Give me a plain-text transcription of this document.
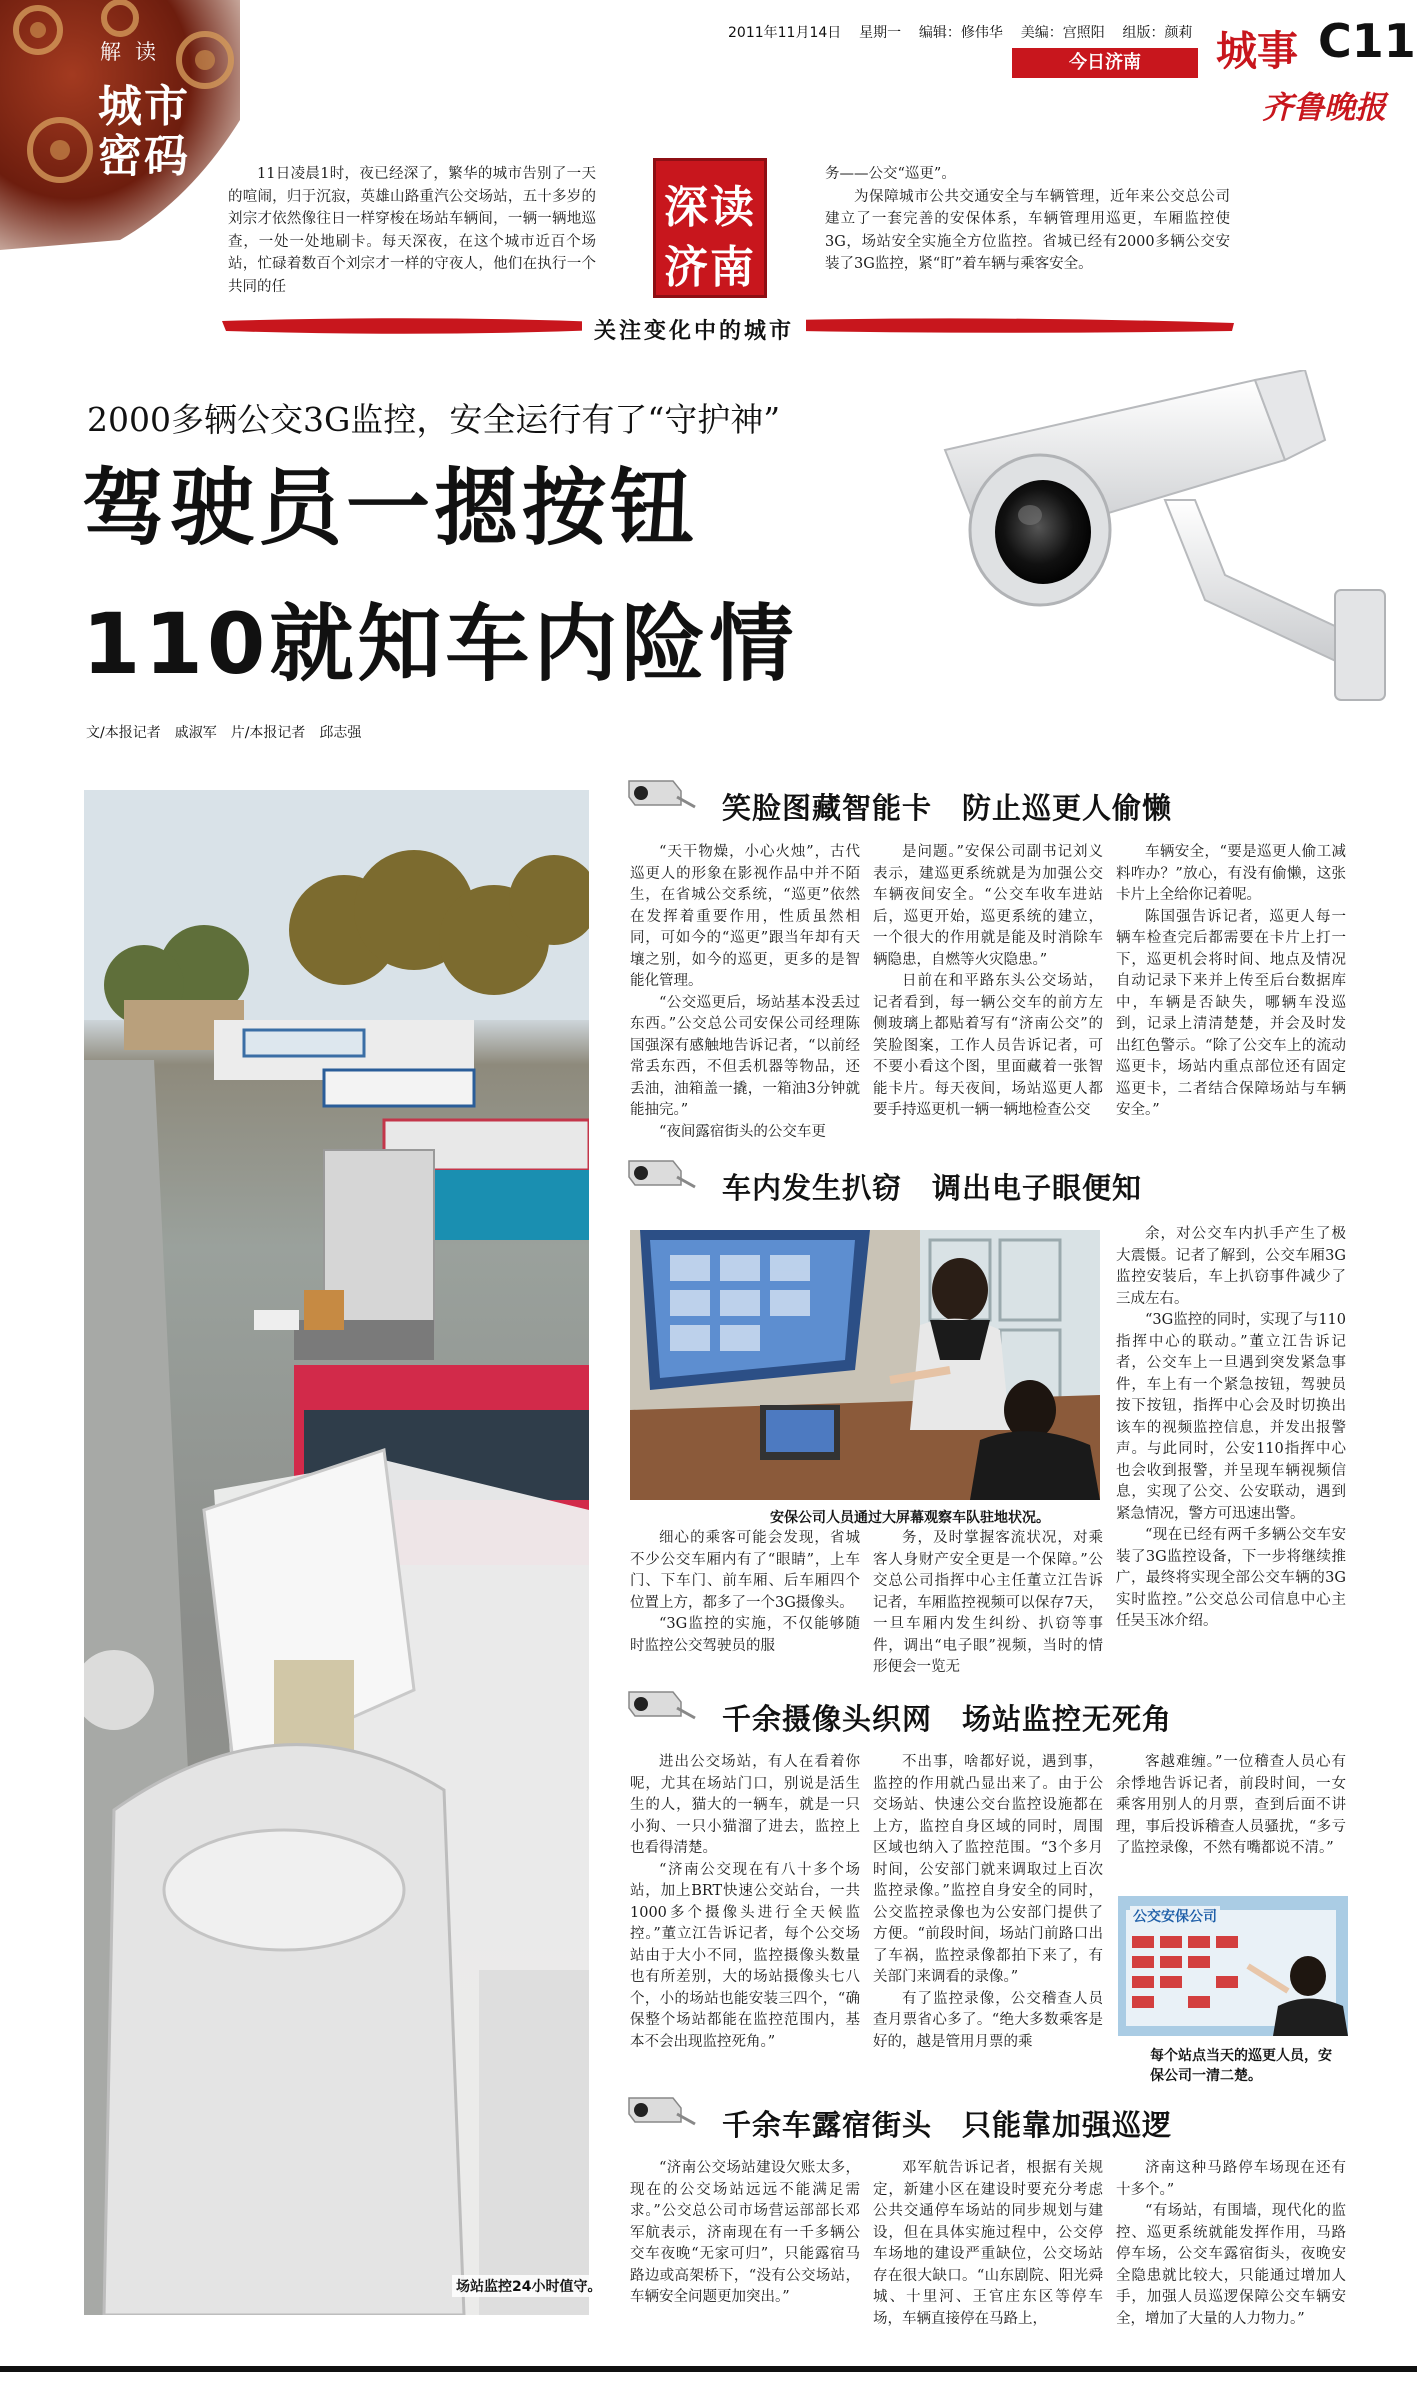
解读
城市
密码
2011年11月14日 星期一 编辑：修伟华 美编：宫照阳 组版：颜莉
今日济南	城事 C11
齐鲁晚报
11日凌晨1时，夜已经深了，繁华的城市告别了一天的喧闹，归于沉寂，英雄山路重汽公交场站，五十多岁的刘宗才依然像往日一样穿梭在场站车辆间，一辆一辆地巡查，一处一处地刷卡。每天深夜，在这个城市近百个场站，忙碌着数百个刘宗才一样的守夜人，他们在执行一个共同的任
深读
济南

务——公交“巡更”。

为保障城市公共交通安全与车辆管理，近年来公交总公司建立了一套完善的安保体系，车辆管理用巡更，车厢监控使3G，场站安全实施全方位监控。省城已经有2000多辆公交安装了3G监控，紧“盯”着车辆与乘客安全。

关注变化中的城市
2000多辆公交3G监控，安全运行有了“守护神”
驾驶员一摁按钮
110就知车内险情
文/本报记者　戚淑军　片/本报记者　邱志强
场站监控24小时值守。
笑脸图藏智能卡　防止巡更人偷懒

“天干物燥，小心火烛”，古代巡更人的形象在影视作品中并不陌生，在省城公交系统，“巡更”依然在发挥着重要作用，性质虽然相同，可如今的“巡更”跟当年却有天壤之别，如今的巡更，更多的是智能化管理。

“公交巡更后，场站基本没丢过东西。”公交总公司安保公司经理陈国强深有感触地告诉记者，“以前经常丢东西，不但丢机器等物品，还丢油，油箱盖一撬，一箱油3分钟就能抽完。”

“夜间露宿街头的公交车更

是问题。”安保公司副书记刘义表示，建巡更系统就是为加强公交车辆夜间安全。“公交车收车进站后，巡更开始，巡更系统的建立，一个很大的作用就是能及时消除车辆隐患，自燃等火灾隐患。”

日前在和平路东头公交场站，记者看到，每一辆公交车的前方左侧玻璃上都贴着写有“济南公交”的笑脸图案，工作人员告诉记者，可不要小看这个图，里面藏着一张智能卡片。每天夜间，场站巡更人都要手持巡更机一辆一辆地检查公交

车辆安全，“要是巡更人偷工减料咋办？”放心，有没有偷懒，这张卡片上全给你记着呢。

陈国强告诉记者，巡更人每一辆车检查完后都需要在卡片上打一下，巡更机会将时间、地点及情况自动记录下来并上传至后台数据库中，车辆是否缺失，哪辆车没巡到，记录上清清楚楚，并会及时发出红色警示。“除了公交车上的流动巡更卡，场站内重点部位还有固定巡更卡，二者结合保障场站与车辆安全。”

车内发生扒窃　调出电子眼便知
安保公司人员通过大屏幕观察车队驻地状况。

细心的乘客可能会发现，省城不少公交车厢内有了“眼睛”，上车门、下车门、前车厢、后车厢四个位置上方，都多了一个3G摄像头。

“3G监控的实施，不仅能够随时监控公交驾驶员的服

务，及时掌握客流状况，对乘客人身财产安全更是一个保障。”公交总公司指挥中心主任董立江告诉记者，车厢监控视频可以保存7天，一旦车厢内发生纠纷、扒窃等事件，调出“电子眼”视频，当时的情形便会一览无

余，对公交车内扒手产生了极大震慑。记者了解到，公交车厢3G监控安装后，车上扒窃事件减少了三成左右。

“3G监控的同时，实现了与110指挥中心的联动。”董立江告诉记者，公交车上一旦遇到突发紧急事件，车上有一个紧急按钮，驾驶员按下按钮，指挥中心会及时切换出该车的视频监控信息，并发出报警声。与此同时，公安110指挥中心也会收到报警，并呈现车辆视频信息，实现了公交、公安联动，遇到紧急情况，警方可迅速出警。

“现在已经有两千多辆公交车安装了3G监控设备，下一步将继续推广，最终将实现全部公交车辆的3G实时监控。”公交总公司信息中心主任吴玉冰介绍。

千余摄像头织网　场站监控无死角

进出公交场站，有人在看着你呢，尤其在场站门口，别说是活生生的人，猫大的一辆车，就是一只小狗、一只小猫溜了进去，监控上也看得清楚。

“济南公交现在有八十多个场站，加上BRT快速公交站台，一共1000多个摄像头进行全天候监控。”董立江告诉记者，每个公交场站由于大小不同，监控摄像头数量也有所差别，大的场站摄像头七八个，小的场站也能安装三四个，“确保整个场站都能在监控范围内，基本不会出现监控死角。”

不出事，啥都好说，遇到事，监控的作用就凸显出来了。由于公交场站、快速公交台监控设施都在上方，监控自身区域的同时，周围区域也纳入了监控范围。“3个多月时间，公安部门就来调取过上百次监控录像。”监控自身安全的同时，公交监控录像也为公安部门提供了方便。“前段时间，场站门前路口出了车祸，监控录像都拍下来了，有关部门来调看的录像。”

有了监控录像，公交稽查人员查月票省心多了。“绝大多数乘客是好的，越是管用月票的乘

客越难缠。”一位稽查人员心有余悸地告诉记者，前段时间，一女乘客用别人的月票，查到后面不讲理，事后投诉稽查人员骚扰，“多亏了监控录像，不然有嘴都说不清。”

公交安保公司
每个站点当天的巡更人员，安保公司一清二楚。
千余车露宿街头　只能靠加强巡逻

“济南公交场站建设欠账太多，现在的公交场站远远不能满足需求。”公交总公司市场营运部部长邓军航表示，济南现在有一千多辆公交车夜晚“无家可归”，只能露宿马路边或高架桥下，“没有公交场站，车辆安全问题更加突出。”

邓军航告诉记者，根据有关规定，新建小区在建设时要充分考虑公共交通停车场站的同步规划与建设，但在具体实施过程中，公交停车场地的建设严重缺位，公交场站存在很大缺口。“山东剧院、阳光舜城、十里河、王官庄东区等停车场，车辆直接停在马路上，

济南这种马路停车场现在还有十多个。”

“有场站，有围墙，现代化的监控、巡更系统就能发挥作用，马路停车场，公交车露宿街头，夜晚安全隐患就比较大，只能通过增加人手，加强人员巡逻保障公交车辆安全，增加了大量的人力物力。”
